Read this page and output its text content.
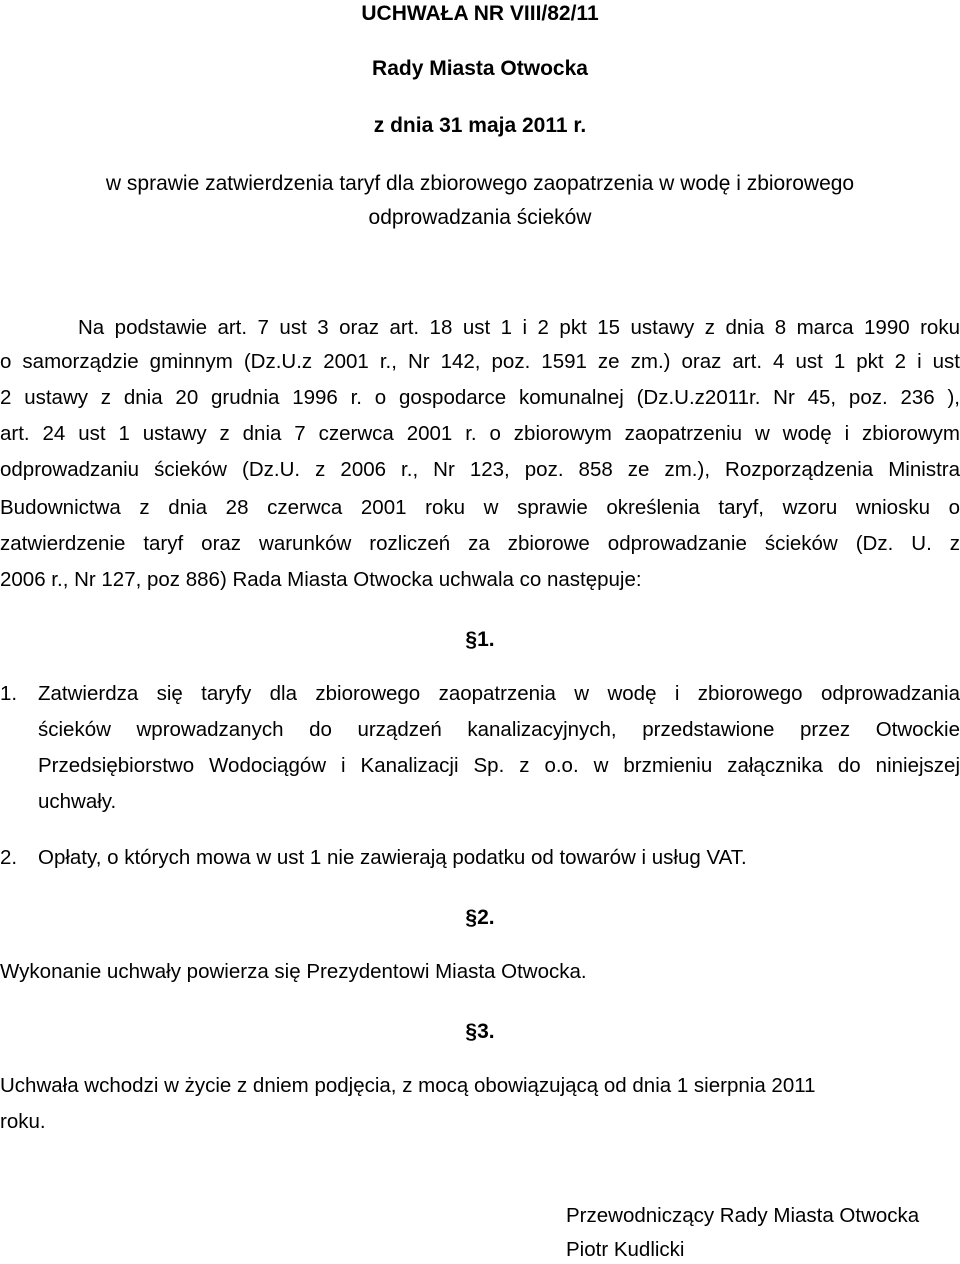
UCHWAŁA NR VIII/82/11
Rady Miasta Otwocka
z dnia 31 maja 2011 r.
w sprawie zatwierdzenia taryf dla zbiorowego zaopatrzenia w wodę i zbiorowego
odprowadzania ścieków
Na podstawie art. 7 ust 3 oraz art. 18 ust 1 i 2 pkt 15 ustawy z dnia 8 marca 1990 roku
o samorządzie gminnym (Dz.U.z 2001 r., Nr 142, poz. 1591 ze zm.) oraz art. 4 ust 1 pkt 2 i ust
2 ustawy z dnia 20 grudnia 1996 r. o gospodarce komunalnej (Dz.U.z2011r. Nr 45, poz. 236 ),
art. 24 ust 1 ustawy z dnia 7 czerwca 2001 r. o zbiorowym zaopatrzeniu w wodę i zbiorowym
odprowadzaniu ścieków (Dz.U. z 2006 r., Nr 123, poz. 858 ze zm.), Rozporządzenia Ministra
Budownictwa z dnia 28 czerwca 2001 roku w sprawie określenia taryf, wzoru wniosku o
zatwierdzenie taryf oraz warunków rozliczeń za zbiorowe odprowadzanie ścieków (Dz. U. z
2006 r., Nr 127, poz 886) Rada Miasta Otwocka uchwala co następuje:
§1.
1. Zatwierdza się taryfy dla zbiorowego zaopatrzenia w wodę i zbiorowego odprowadzania
ścieków wprowadzanych do urządzeń kanalizacyjnych, przedstawione przez Otwockie
Przedsiębiorstwo Wodociągów i Kanalizacji Sp. z o.o. w brzmieniu załącznika do niniejszej
uchwały.
2. Opłaty, o których mowa w ust 1 nie zawierają podatku od towarów i usług VAT.
§2.
Wykonanie uchwały powierza się Prezydentowi Miasta Otwocka.
§3.
Uchwała wchodzi w życie z dniem podjęcia, z mocą obowiązującą od dnia 1 sierpnia 2011
roku.
Przewodniczący Rady Miasta Otwocka
Piotr Kudlicki
